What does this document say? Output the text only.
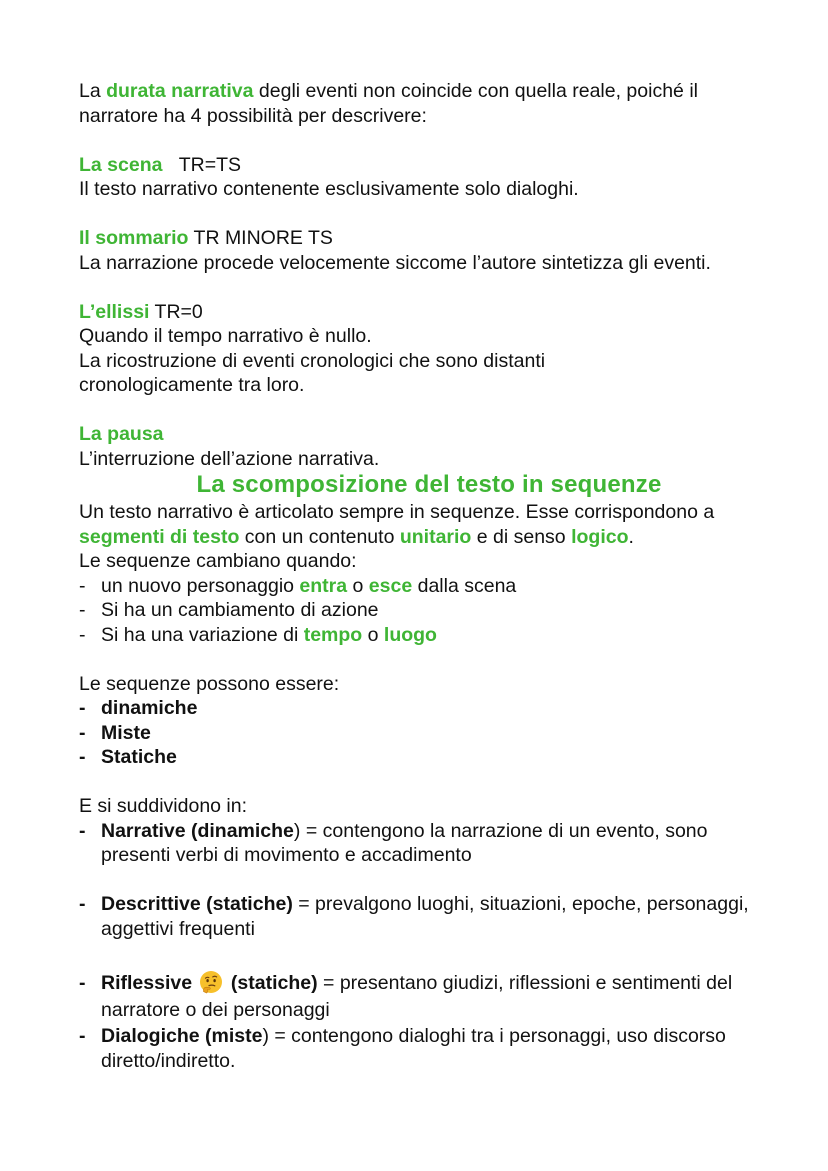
La durata narrativa degli eventi non coincide con quella reale, poiché il narratore ha 4 possibilità per descrivere:

La scena TR=TS

Il testo narrativo contenente esclusivamente solo dialoghi.

Il sommario TR MINORE TS

La narrazione procede velocemente siccome l’autore sintetizza gli eventi.

L’ellissi TR=0

Quando il tempo narrativo è nullo.

La ricostruzione di eventi cronologici che sono distanti cronologicamente tra loro.

La pausa

L’interruzione dell’azione narrativa.

La scomposizione del testo in sequenze

Un testo narrativo è articolato sempre in sequenze. Esse corrispondono a segmenti di testo con un contenuto unitario e di senso logico.

Le sequenze cambiano quando:

- un nuovo personaggio entra o esce dalla scena
- Si ha un cambiamento di azione
- Si ha una variazione di tempo o luogo

Le sequenze possono essere:

- dinamiche
- Miste
- Statiche

E si suddividono in:

- Narrative (dinamiche) = contengono la narrazione di un evento, sono presenti verbi di movimento e accadimento
- Descrittive (statiche) = prevalgono luoghi, situazioni, epoche, personaggi, aggettivi frequenti
- Riflessive (statiche) = presentano giudizi, riflessioni e sentimenti del narratore o dei personaggi
- Dialogiche (miste) = contengono dialoghi tra i personaggi, uso discorso diretto/indiretto.
